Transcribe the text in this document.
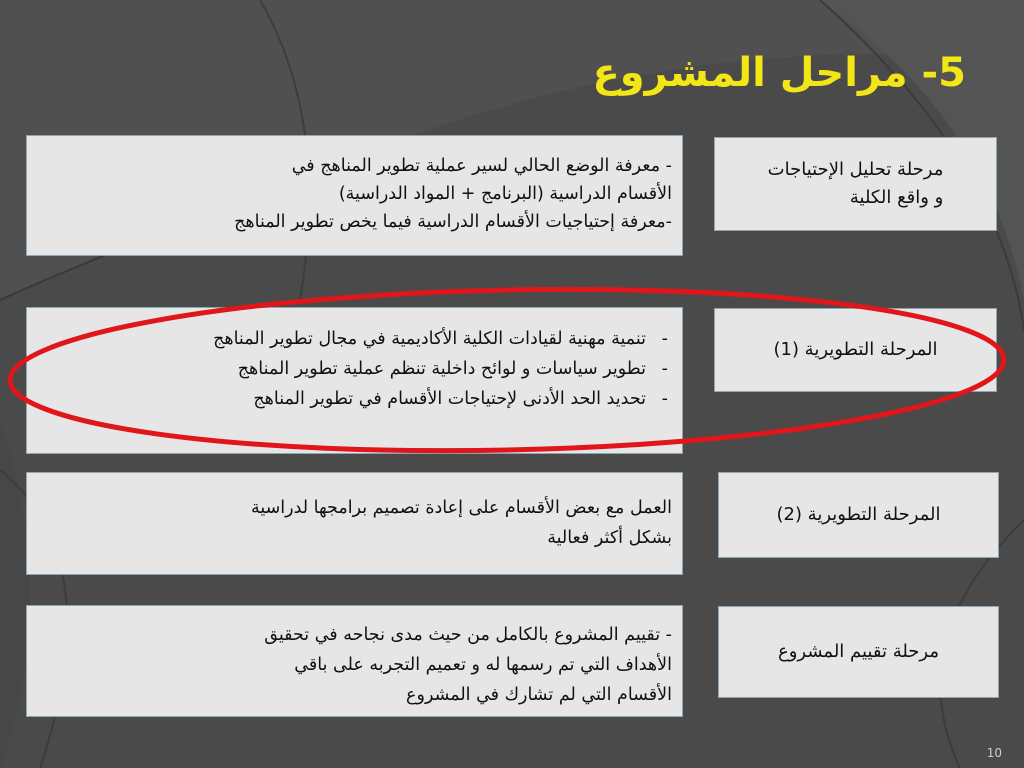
5- مراحل المشروع

مرحلة تحليل الإحتياجات

و واقع الكلية

- معرفة الوضع الحالي لسير عملية تطوير المناهج في

الأقسام الدراسية (البرنامج + المواد الدراسية)

-معرفة إحتياجيات الأقسام الدراسية فيما يخص تطوير المناهج

المرحلة التطويرية (1)

- تنمية مهنية لقيادات الكلية الأكاديمية في مجال تطوير المناهج
- تطوير سياسات و لوائح داخلية تنظم عملية تطوير المناهج
- تحديد الحد الأدنى لإحتياجات الأقسام في تطوير المناهج

المرحلة التطويرية (2)

العمل مع بعض الأقسام على إعادة تصميم برامجها لدراسية

بشكل أكثر فعالية

مرحلة تقييم المشروع

- تقييم المشروع بالكامل من حيث مدى نجاحه في تحقيق

الأهداف التي تم رسمها له و تعميم التجربه على باقي

الأقسام التي لم تشارك في المشروع

10
